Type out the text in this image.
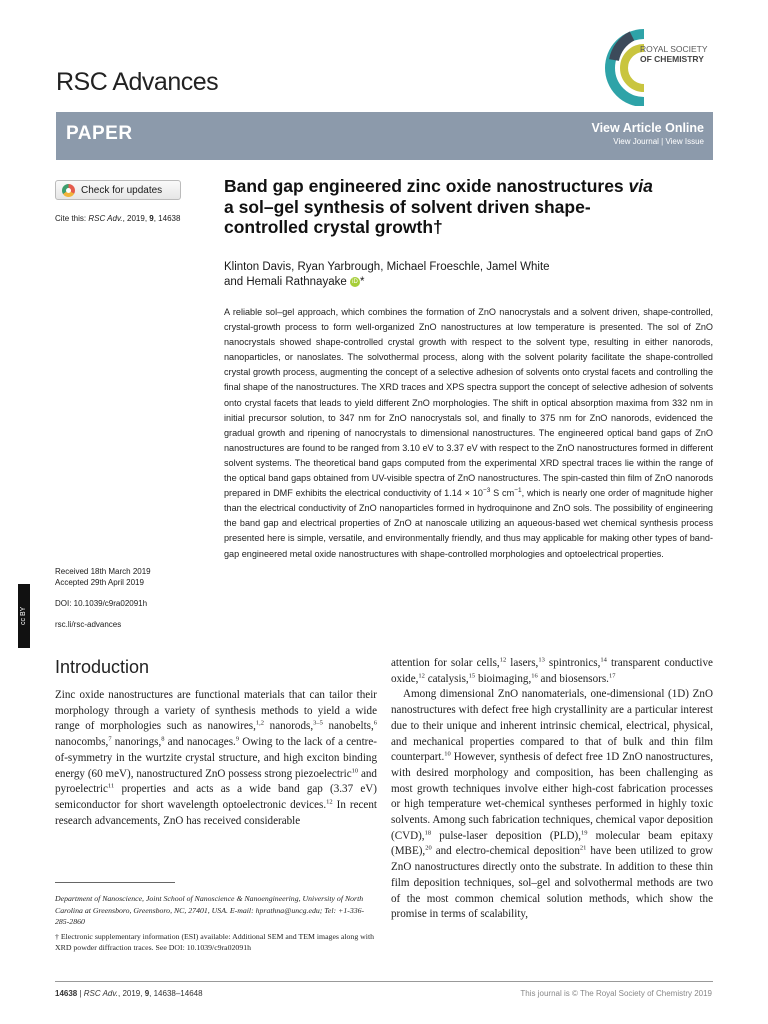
RSC Advances
ROYAL SOCIETY
OF CHEMISTRY
PAPER	View Article Online
View Journal | View Issue
Check for updates
Cite this: RSC Adv., 2019, 9, 14638
Band gap engineered zinc oxide nanostructures via a sol–gel synthesis of solvent driven shape-controlled crystal growth†
Klinton Davis, Ryan Yarbrough, Michael Froeschle, Jamel White
and Hemali Rathnayake iD *
A reliable sol–gel approach, which combines the formation of ZnO nanocrystals and a solvent driven, shape-controlled, crystal-growth process to form well-organized ZnO nanostructures at low temperature is presented. The sol of ZnO nanocrystals showed shape-controlled crystal growth with respect to the solvent type, resulting in either nanorods, nanoparticles, or nanoslates. The solvothermal process, along with the solvent polarity facilitate the shape-controlled crystal growth process, augmenting the concept of a selective adhesion of solvents onto crystal facets and controlling the final shape of the nanostructures. The XRD traces and XPS spectra support the concept of selective adhesion of solvents onto crystal facets that leads to yield different ZnO morphologies. The shift in optical absorption maxima from 332 nm in initial precursor solution, to 347 nm for ZnO nanocrystals sol, and finally to 375 nm for ZnO nanorods, evidenced the gradual growth and ripening of nanocrystals to dimensional nanostructures. The engineered optical band gaps of ZnO nanostructures are found to be ranged from 3.10 eV to 3.37 eV with respect to the ZnO nanostructures formed in different solvent systems. The theoretical band gaps computed from the experimental XRD spectral traces lie within the range of the optical band gaps obtained from UV-visible spectra of ZnO nanostructures. The spin-casted thin film of ZnO nanorods prepared in DMF exhibits the electrical conductivity of $1.14 \times 10^{-3}$ S $cm^{-1}$, which is nearly one order of magnitude higher than the electrical conductivity of ZnO nanoparticles formed in hydroquinone and ZnO sols. The possibility of engineering the band gap and electrical properties of ZnO at nanoscale utilizing an aqueous-based wet chemical synthesis process presented here is simple, versatile, and environmentally friendly, and thus may applicable for making other types of band-gap engineered metal oxide nanostructures with shape-controlled morphologies and optoelectrical properties.
Received 18th March 2019
Accepted 29th April 2019
DOI: 10.1039/c9ra02091h
rsc.li/rsc-advances
cc BY
Introduction
Zinc oxide nanostructures are functional materials that can tailor their morphology through a variety of synthesis methods to yield a wide range of morphologies such as nanowires,$^{1,2}$ nanorods,$^{3-5}$ nanobelts,$^6$ nanocombs,$^7$ nanorings,$^8$ and nanocages.$^9$ Owing to the lack of a centre-of-symmetry in the wurtzite crystal structure, and high exciton binding energy (60 meV), nanostructured ZnO possess strong piezoelectric$^{10}$ and pyroelectric$^{11}$ properties and acts as a wide band gap (3.37 eV) semiconductor for short wavelength optoelectronic devices.$^{12}$ In recent research advancements, ZnO has received considerable

attention for solar cells,$^{12}$ lasers,$^{13}$ spintronics,$^{14}$ transparent conductive oxide,$^{12}$ catalysis,$^{15}$ bioimaging,$^{16}$ and biosensors.$^{17}$

Among dimensional ZnO nanomaterials, one-dimensional (1D) ZnO nanostructures with defect free high crystallinity are a particular interest due to their unique and inherent intrinsic chemical, electrical, physical, and mechanical properties compared to that of bulk and thin film counterpart.$^{10}$ However, synthesis of defect free 1D ZnO nanostructures, with desired morphology and composition, has been challenging as most growth techniques involve either high-cost fabrication processes or high temperature wet-chemical syntheses performed in highly toxic solvents. Among such fabrication techniques, chemical vapor deposition (CVD),$^{18}$ pulse-laser deposition (PLD),$^{19}$ molecular beam epitaxy (MBE),$^{20}$ and electro-chemical deposition$^{21}$ have been utilized to grow ZnO nanostructures directly onto the substrate. In addition to these thin film deposition techniques, sol–gel and solvothermal methods are two of the most common chemical solution methods, which show the promise in terms of scalability,

Department of Nanoscience, Joint School of Nanoscience & Nanoengineering, University of North Carolina at Greensboro, Greensboro, NC, 27401, USA. E-mail: hprathna@uncg.edu; Tel: +1-336-285-2860

† Electronic supplementary information (ESI) available: Additional SEM and TEM images along with XRD powder diffraction traces. See DOI: 10.1039/c9ra02091h

14638 | RSC Adv., 2019, 9, 14638–14648	This journal is © The Royal Society of Chemistry 2019
